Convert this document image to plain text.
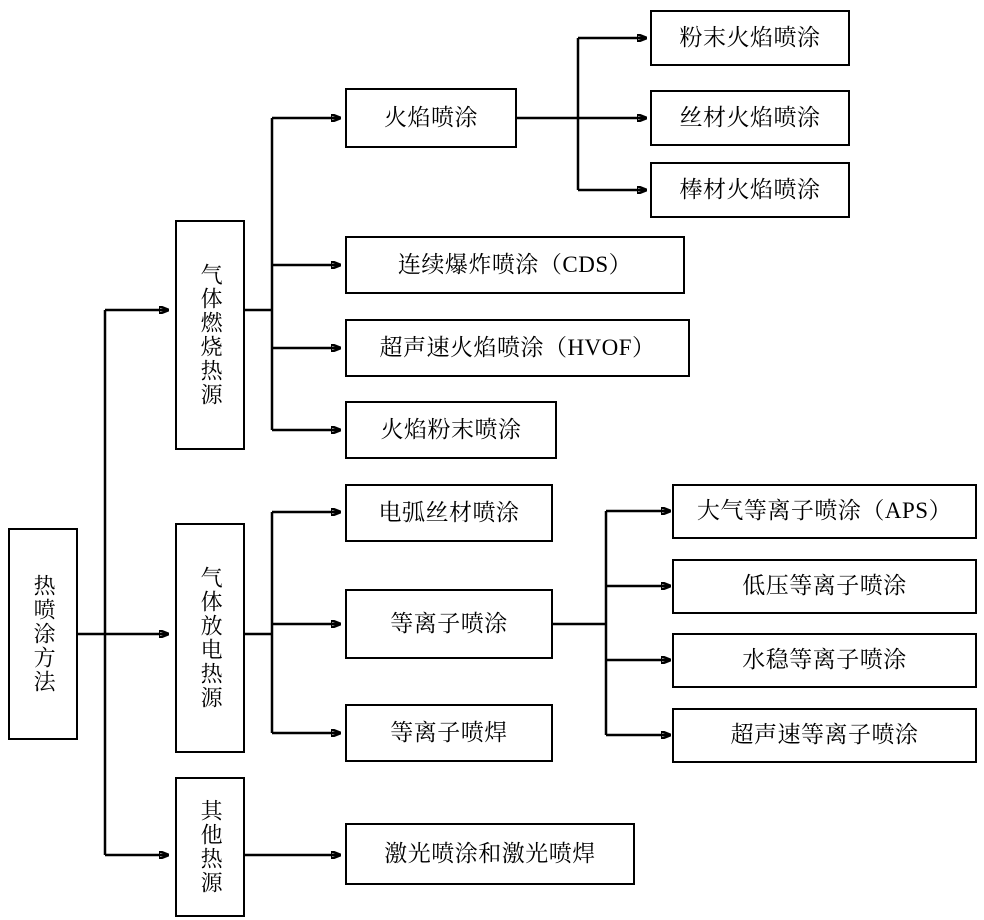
热喷涂方法
气体燃烧热源
气体放电热源
其他热源
火焰喷涂
连续爆炸喷涂（CDS）
超声速火焰喷涂（HVOF）
火焰粉末喷涂
电弧丝材喷涂
等离子喷涂
等离子喷焊
激光喷涂和激光喷焊
粉末火焰喷涂
丝材火焰喷涂
棒材火焰喷涂
大气等离子喷涂（APS）
低压等离子喷涂
水稳等离子喷涂
超声速等离子喷涂
